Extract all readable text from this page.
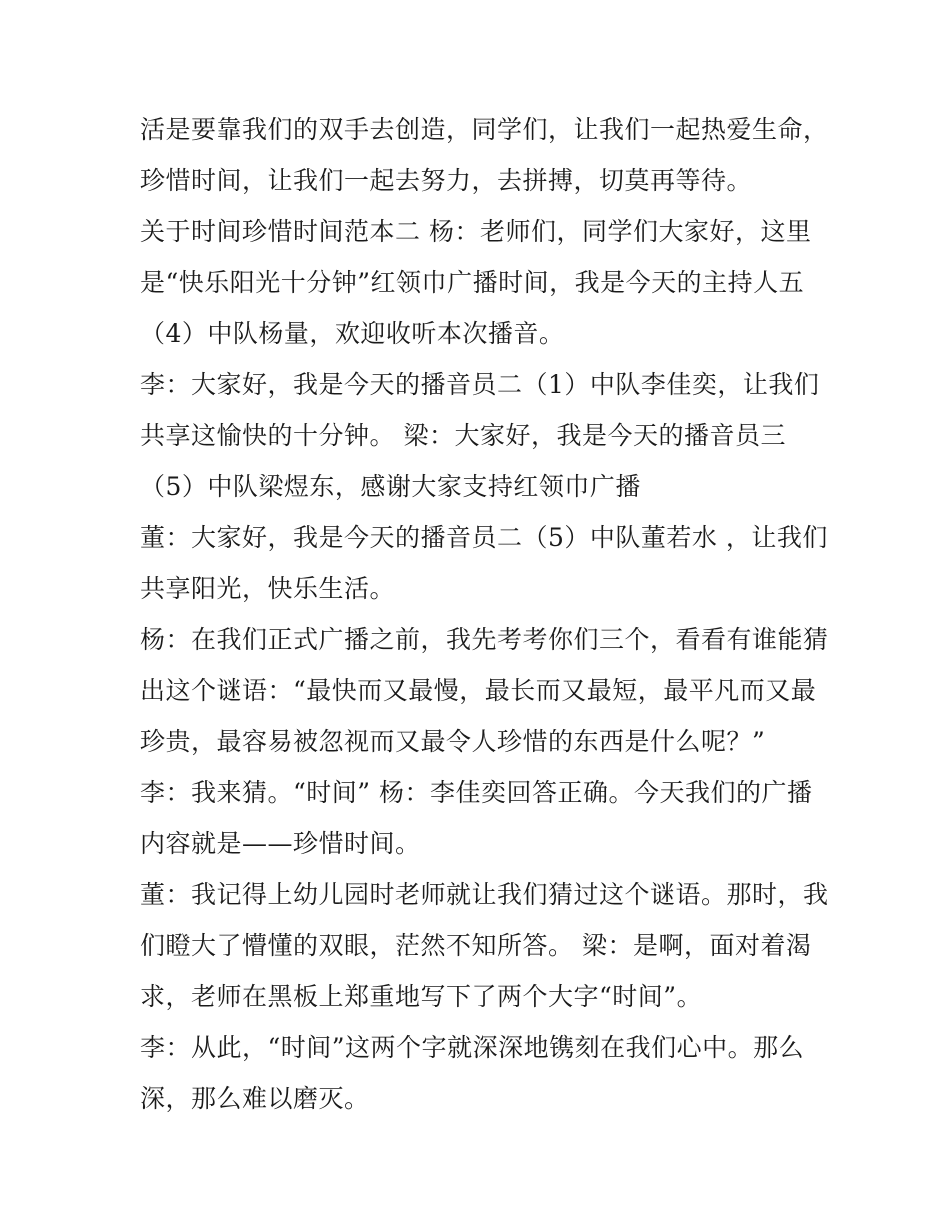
活是要靠我们的双手去创造，同学们，让我们一起热爱生命，
珍惜时间，让我们一起去努力，去拼搏，切莫再等待。
关于时间珍惜时间范本二 杨：老师们，同学们大家好，这里
是“快乐阳光十分钟”红领巾广播时间，我是今天的主持人五
（4）中队杨量，欢迎收听本次播音。
李：大家好，我是今天的播音员二（1）中队李佳奕，让我们
共享这愉快的十分钟。 梁：大家好，我是今天的播音员三
（5）中队梁煜东，感谢大家支持红领巾广播
董：大家好，我是今天的播音员二（5）中队董若水 ，让我们
共享阳光，快乐生活。
杨：在我们正式广播之前，我先考考你们三个，看看有谁能猜
出这个谜语：“最快而又最慢，最长而又最短，最平凡而又最
珍贵，最容易被忽视而又最令人珍惜的东西是什么呢？”
李：我来猜。“时间” 杨：李佳奕回答正确。今天我们的广播
内容就是——珍惜时间。
董：我记得上幼儿园时老师就让我们猜过这个谜语。那时，我
们瞪大了懵懂的双眼，茫然不知所答。 梁：是啊，面对着渴
求，老师在黑板上郑重地写下了两个大字“时间”。
李：从此，“时间”这两个字就深深地镌刻在我们心中。那么
深，那么难以磨灭。
